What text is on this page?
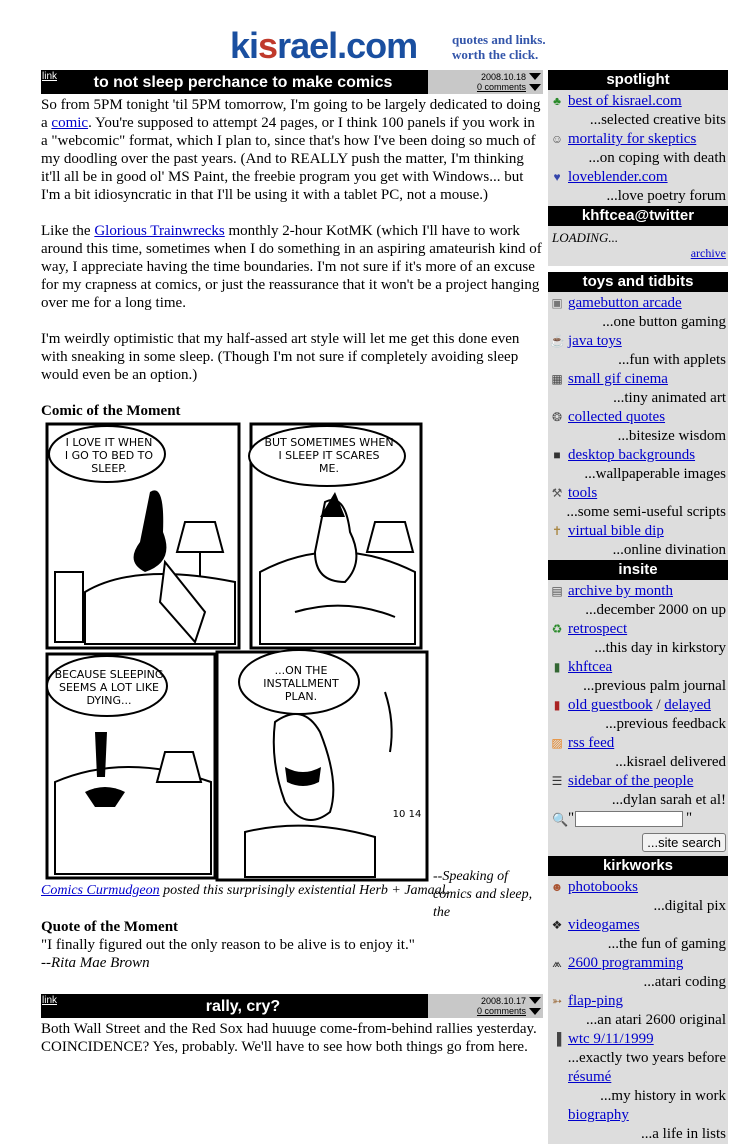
kisrael.com	quotes and links.
worth the click.
link	to not sleep perchance to make comics	2008.10.18
0 comments

So from 5PM tonight 'til 5PM tomorrow, I'm going to be largely dedicated to doing a comic. You're supposed to attempt 24 pages, or I think 100 panels if you work in a "webcomic" format, which I plan to, since that's how I've been doing so much of my doodling over the past years. (And to REALLY push the matter, I'm thinking it'll all be in good ol' MS Paint, the freebie program you get with Windows... but I'm a bit idiosyncratic in that I'll be using it with a tablet PC, not a mouse.)

Like the Glorious Trainwrecks monthly 2-hour KotMK (which I'll have to work around this time, sometimes when I do something in an aspiring amateurish kind of way, I appreciate having the time boundaries. I'm not sure if it's more of an excuse for my crapness at comics, or just the reassurance that it won't be a project hanging over me for a long time.

I'm weirdly optimistic that my half-assed art style will let me get this done even with sneaking in some sleep. (Though I'm not sure if completely avoiding sleep would even be an option.)

Comic of the Moment
I LOVE IT WHEN
I GO TO BED TO
SLEEP.
BUT SOMETIMES WHEN
I SLEEP IT SCARES
ME.
BECAUSE SLEEPING
SEEMS A LOT LIKE
DYING...
...ON THE
INSTALLMENT
PLAN.
10 14
--Speaking of comics and sleep, the
Comics Curmudgeon posted this surprisingly existential Herb + Jamaal.
Quote of the Moment
"I finally figured out the only reason to be alive is to enjoy it."
--Rita Mae Brown
link	rally, cry?	2008.10.17
0 comments

Both Wall Street and the Red Sox had huuuge come-from-behind rallies yesterday. COINCIDENCE? Yes, probably. We'll have to see how both things go from here.

spotlight
♣ best of kisrael.com
...selected creative bits
☺ mortality for skeptics
...on coping with death
♥ loveblender.com
...love poetry forum
khftcea@twitter
LOADING...
archive
toys and tidbits
▣ gamebutton arcade
...one button gaming
☕ java toys
...fun with applets
▦ small gif cinema
...tiny animated art
❂ collected quotes
...bitesize wisdom
■ desktop backgrounds
...wallpaperable images
⚒ tools
...some semi-useful scripts
✝ virtual bible dip
...online divination
insite
▤ archive by month
...december 2000 on up
♻ retrospect
...this day in kirkstory
▮ khftcea
...previous palm journal
▮ old guestbook / delayed
...previous feedback
▨ rss feed
...kisrael delivered
☰ sidebar of the people
...dylan sarah et al!
🔍 "	"
...site search
kirkworks
☻ photobooks
...digital pix
❖ videogames
...the fun of gaming
⩕ 2600 programming
...atari coding
➳ flap-ping
...an atari 2600 original
▐ wtc 9/11/1999
...exactly two years before
résumé
...my history in work
biography
...a life in lists
